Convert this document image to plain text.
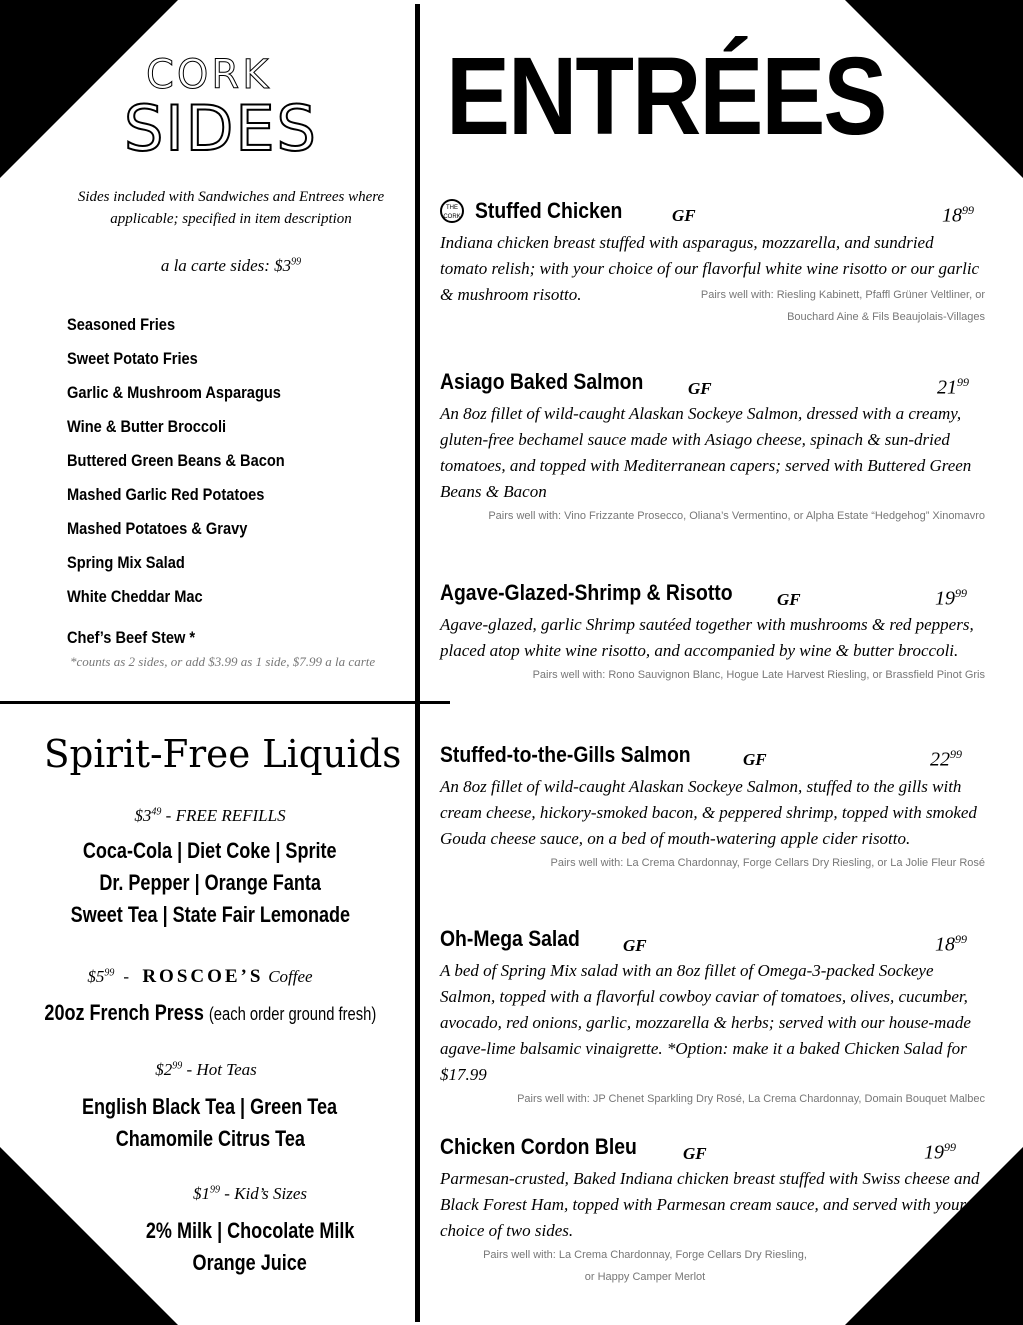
CORK
SIDES
Sides included with Sandwiches and Entrees where applicable; specified in item description
a la carte sides: $\$3^{99}$
Seasoned Fries
Sweet Potato Fries
Garlic & Mushroom Asparagus
Wine & Butter Broccoli
Buttered Green Beans & Bacon
Mashed Garlic Red Potatoes
Mashed Potatoes & Gravy
Spring Mix Salad
White Cheddar Mac
Chef’s Beef Stew *
*counts as 2 sides, or add $3.99 as 1 side, $7.99 a la carte
Spirit-Free Liquids
$\$3^{49}$ - FREE REFILLS
Coca-Cola | Diet Coke | Sprite
Dr. Pepper | Orange Fanta
Sweet Tea | State Fair Lemonade
$\$5^{99}$  -   ROSCOE’S Coffee
20oz French Press (each order ground fresh)
$\$2^{99}$ - Hot Teas
English Black Tea | Green Tea
Chamomile Citrus Tea
$\$1^{99}$ - Kid’s Sizes
2% Milk | Chocolate Milk
Orange Juice
ENTRÉES
THE CORK Stuffed Chicken	GF	$18^{99}$
Indiana chicken breast stuffed with asparagus, mozzarella, and sundried tomato relish; with your choice of our flavorful white wine risotto or our garlic & mushroom risotto.	Pairs well with: Riesling Kabinett, Pfaffl Grüner Veltliner, or Bouchard Aine & Fils Beaujolais-Villages
Asiago Baked Salmon	GF	$21^{99}$
An 8oz fillet of wild-caught Alaskan Sockeye Salmon, dressed with a creamy, gluten-free bechamel sauce made with Asiago cheese, spinach & sun-dried tomatoes, and topped with Mediterranean capers; served with Buttered Green Beans & Bacon
Pairs well with: Vino Frizzante Prosecco, Oliana’s Vermentino, or Alpha Estate “Hedgehog” Xinomavro
Agave-Glazed-Shrimp & Risotto	GF	$19^{99}$
Agave-glazed, garlic Shrimp sautéed together with mushrooms & red peppers, placed atop white wine risotto, and accompanied by wine & butter broccoli.
Pairs well with: Rono Sauvignon Blanc, Hogue Late Harvest Riesling, or Brassfield Pinot Gris
Stuffed-to-the-Gills Salmon	GF	$22^{99}$
An 8oz fillet of wild-caught Alaskan Sockeye Salmon, stuffed to the gills with cream cheese, hickory-smoked bacon, & peppered shrimp, topped with smoked Gouda cheese sauce, on a bed of mouth-watering apple cider risotto.
Pairs well with: La Crema Chardonnay, Forge Cellars Dry Riesling, or La Jolie Fleur Rosé
Oh-Mega Salad	GF	$18^{99}$
A bed of Spring Mix salad with an 8oz fillet of Omega-3-packed Sockeye Salmon, topped with a flavorful cowboy caviar of tomatoes, olives, cucumber, avocado, red onions, garlic, mozzarella & herbs; served with our house-made agave-lime balsamic vinaigrette. *Option: make it a baked Chicken Salad for $17.99
Pairs well with: JP Chenet Sparkling Dry Rosé, La Crema Chardonnay, Domain Bouquet Malbec
Chicken Cordon Bleu	GF	$19^{99}$
Parmesan-crusted, Baked Indiana chicken breast stuffed with Swiss cheese and Black Forest Ham, topped with Parmesan cream sauce, and served with your choice of two sides.
Pairs well with: La Crema Chardonnay, Forge Cellars Dry Riesling, or Happy Camper Merlot
